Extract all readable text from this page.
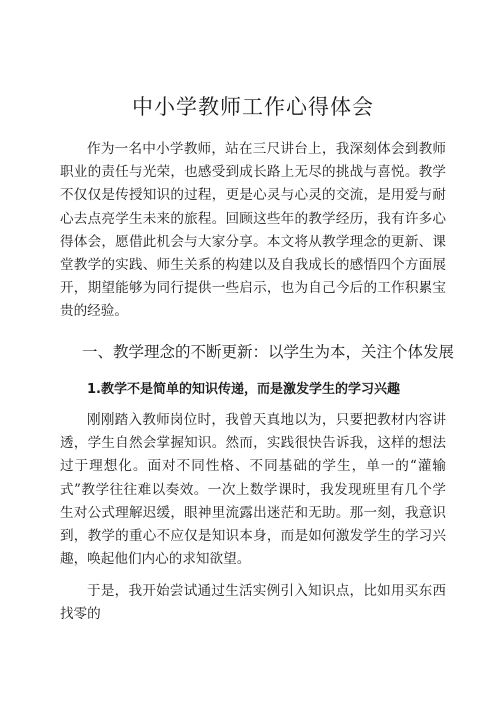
中小学教师工作心得体会

作为一名中小学教师，站在三尺讲台上，我深刻体会到教师职业的责任与光荣，也感受到成长路上无尽的挑战与喜悦。教学不仅仅是传授知识的过程，更是心灵与心灵的交流，是用爱与耐心去点亮学生未来的旅程。回顾这些年的教学经历，我有许多心得体会，愿借此机会与大家分享。本文将从教学理念的更新、课堂教学的实践、师生关系的构建以及自我成长的感悟四个方面展开，期望能够为同行提供一些启示，也为自己今后的工作积累宝贵的经验。

一、教学理念的不断更新：以学生为本，关注个体发展
1.教学不是简单的知识传递，而是激发学生的学习兴趣

刚刚踏入教师岗位时，我曾天真地以为，只要把教材内容讲透，学生自然会掌握知识。然而，实践很快告诉我，这样的想法过于理想化。面对不同性格、不同基础的学生，单一的“灌输式”教学往往难以奏效。一次上数学课时，我发现班里有几个学生对公式理解迟缓，眼神里流露出迷茫和无助。那一刻，我意识到，教学的重心不应仅是知识本身，而是如何激发学生的学习兴趣，唤起他们内心的求知欲望。

于是，我开始尝试通过生活实例引入知识点，比如用买东西找零的
